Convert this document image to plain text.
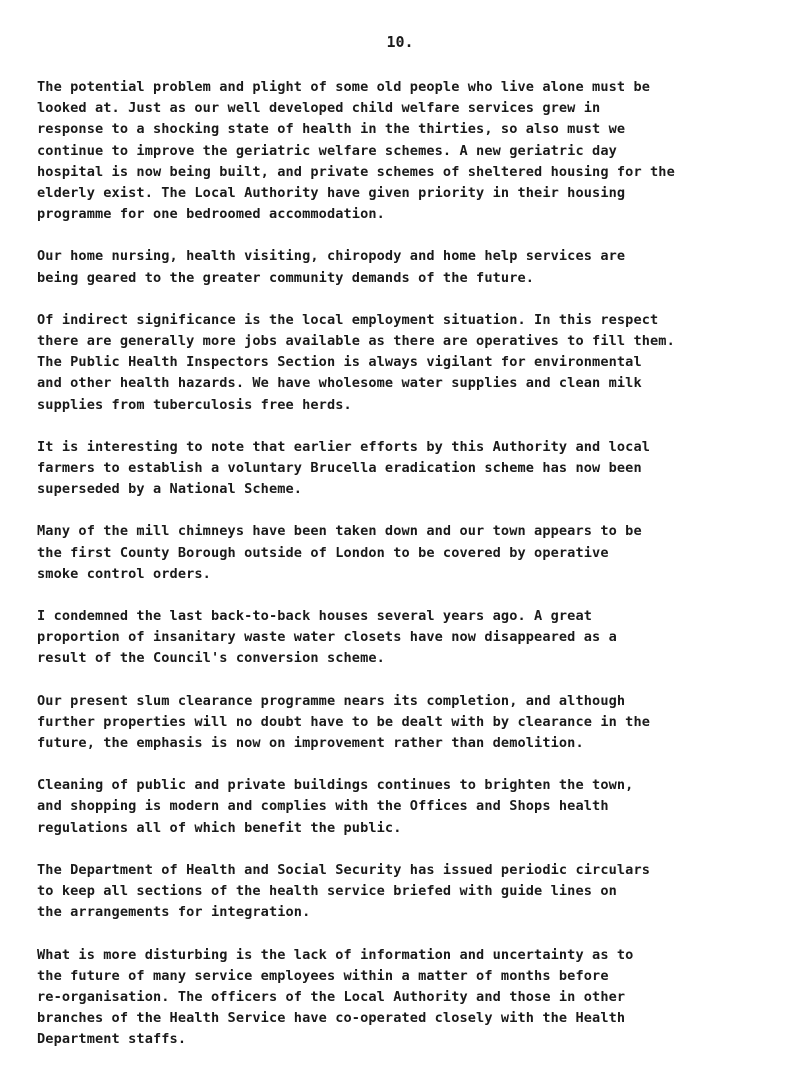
10.

The potential problem and plight of some old people who live alone must be
looked at. Just as our well developed child welfare services grew in
response to a shocking state of health in the thirties, so also must we
continue to improve the geriatric welfare schemes. A new geriatric day
hospital is now being built, and private schemes of sheltered housing for the
elderly exist. The Local Authority have given priority in their housing
programme for one bedroomed accommodation.

Our home nursing, health visiting, chiropody and home help services are
being geared to the greater community demands of the future.

Of indirect significance is the local employment situation. In this respect
there are generally more jobs available as there are operatives to fill them.
The Public Health Inspectors Section is always vigilant for environmental
and other health hazards. We have wholesome water supplies and clean milk
supplies from tuberculosis free herds.

It is interesting to note that earlier efforts by this Authority and local
farmers to establish a voluntary Brucella eradication scheme has now been
superseded by a National Scheme.

Many of the mill chimneys have been taken down and our town appears to be
the first County Borough outside of London to be covered by operative
smoke control orders.

I condemned the last back-to-back houses several years ago. A great
proportion of insanitary waste water closets have now disappeared as a
result of the Council's conversion scheme.

Our present slum clearance programme nears its completion, and although
further properties will no doubt have to be dealt with by clearance in the
future, the emphasis is now on improvement rather than demolition.

Cleaning of public and private buildings continues to brighten the town,
and shopping is modern and complies with the Offices and Shops health
regulations all of which benefit the public.

The Department of Health and Social Security has issued periodic circulars
to keep all sections of the health service briefed with guide lines on
the arrangements for integration.

What is more disturbing is the lack of information and uncertainty as to
the future of many service employees within a matter of months before
re-organisation. The officers of the Local Authority and those in other
branches of the Health Service have co-operated closely with the Health
Department staffs.
